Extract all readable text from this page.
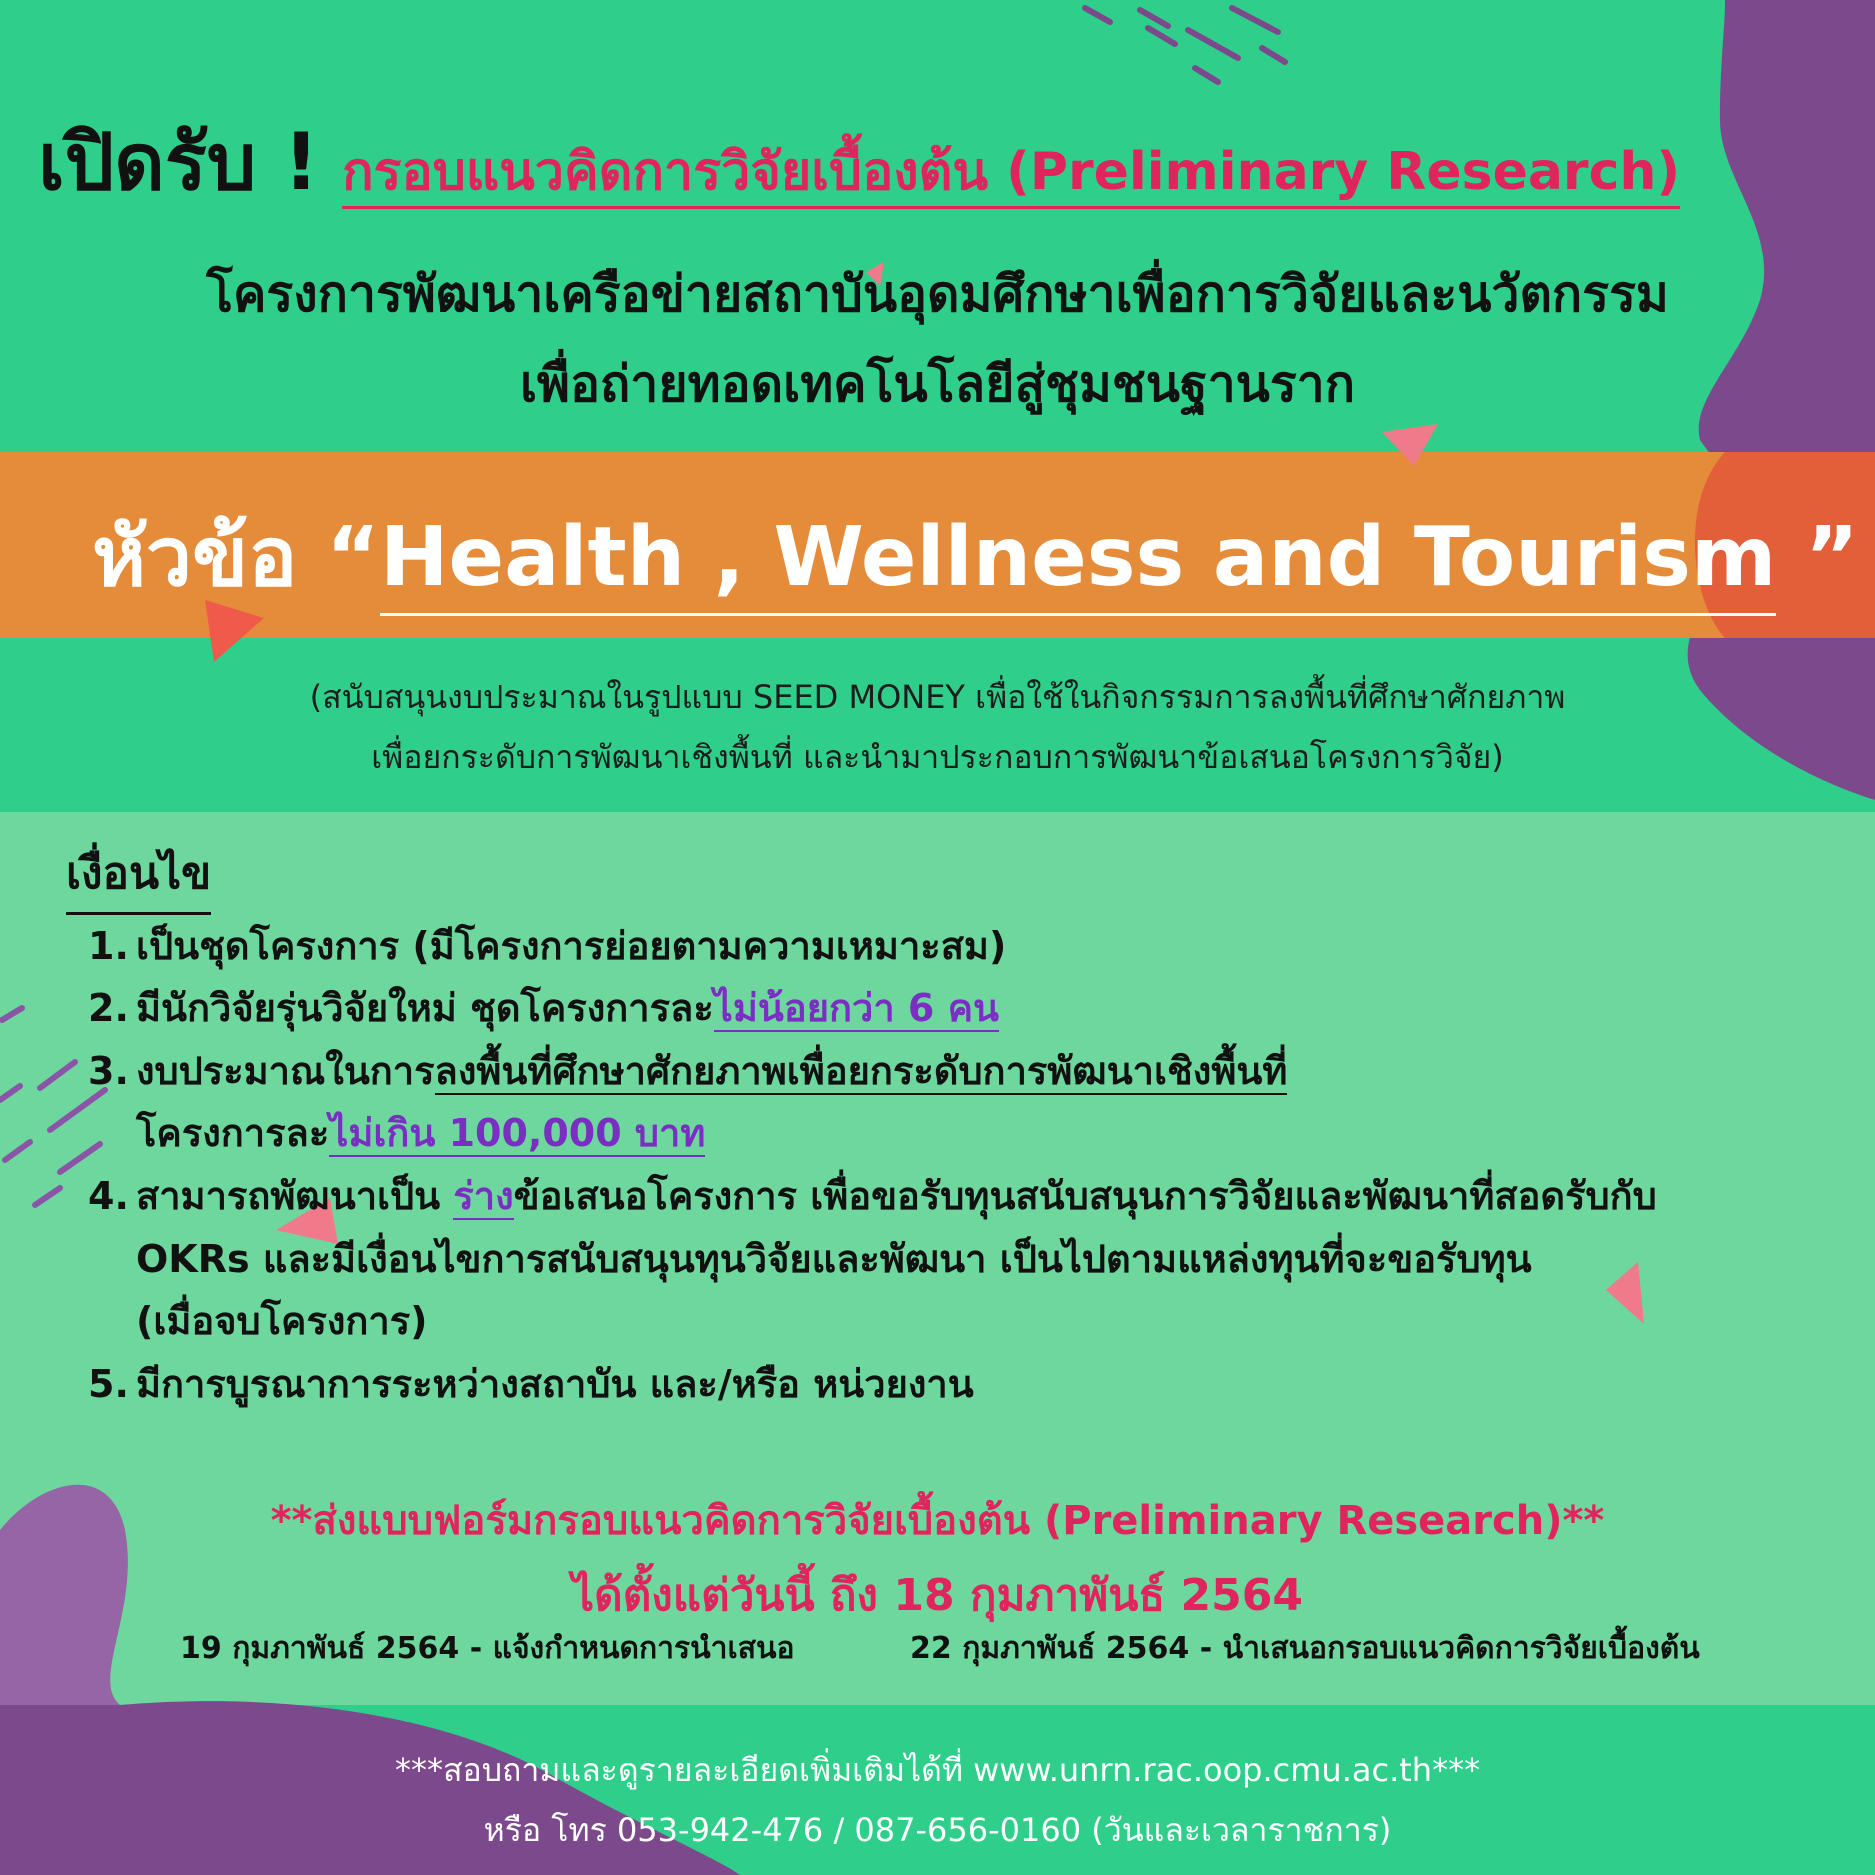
เปิดรับ ! กรอบแนวคิดการวิจัยเบื้องต้น (Preliminary Research)
โครงการพัฒนาเครือข่ายสถาบันอุดมศึกษาเพื่อการวิจัยและนวัตกรรม
เพื่อถ่ายทอดเทคโนโลยีสู่ชุมชนฐานราก
หัวข้อ “Health , Wellness and Tourism ”
(สนับสนุนงบประมาณในรูปแบบ SEED MONEY เพื่อใช้ในกิจกรรมการลงพื้นที่ศึกษาศักยภาพ
เพื่อยกระดับการพัฒนาเชิงพื้นที่ และนำมาประกอบการพัฒนาข้อเสนอโครงการวิจัย)
เงื่อนไข
1. เป็นชุดโครงการ (มีโครงการย่อยตามความเหมาะสม)
2. มีนักวิจัยรุ่นวิจัยใหม่ ชุดโครงการละไม่น้อยกว่า 6 คน
3. งบประมาณในการลงพื้นที่ศึกษาศักยภาพเพื่อยกระดับการพัฒนาเชิงพื้นที่
โครงการละไม่เกิน 100,000 บาท
4. สามารถพัฒนาเป็น ร่างข้อเสนอโครงการ เพื่อขอรับทุนสนับสนุนการวิจัยและพัฒนาที่สอดรับกับ
OKRs และมีเงื่อนไขการสนับสนุนทุนวิจัยและพัฒนา เป็นไปตามแหล่งทุนที่จะขอรับทุน
(เมื่อจบโครงการ)
5. มีการบูรณาการระหว่างสถาบัน และ/หรือ หน่วยงาน
**ส่งแบบฟอร์มกรอบแนวคิดการวิจัยเบื้องต้น (Preliminary Research)**
ได้ตั้งแต่วันนี้ ถึง 18 กุมภาพันธ์ 2564
19 กุมภาพันธ์ 2564 - แจ้งกำหนดการนำเสนอ	22 กุมภาพันธ์ 2564 - นำเสนอกรอบแนวคิดการวิจัยเบื้องต้น
***สอบถามและดูรายละเอียดเพิ่มเติมได้ที่ www.unrn.rac.oop.cmu.ac.th***
หรือ โทร 053-942-476 / 087-656-0160 (วันและเวลาราชการ)
